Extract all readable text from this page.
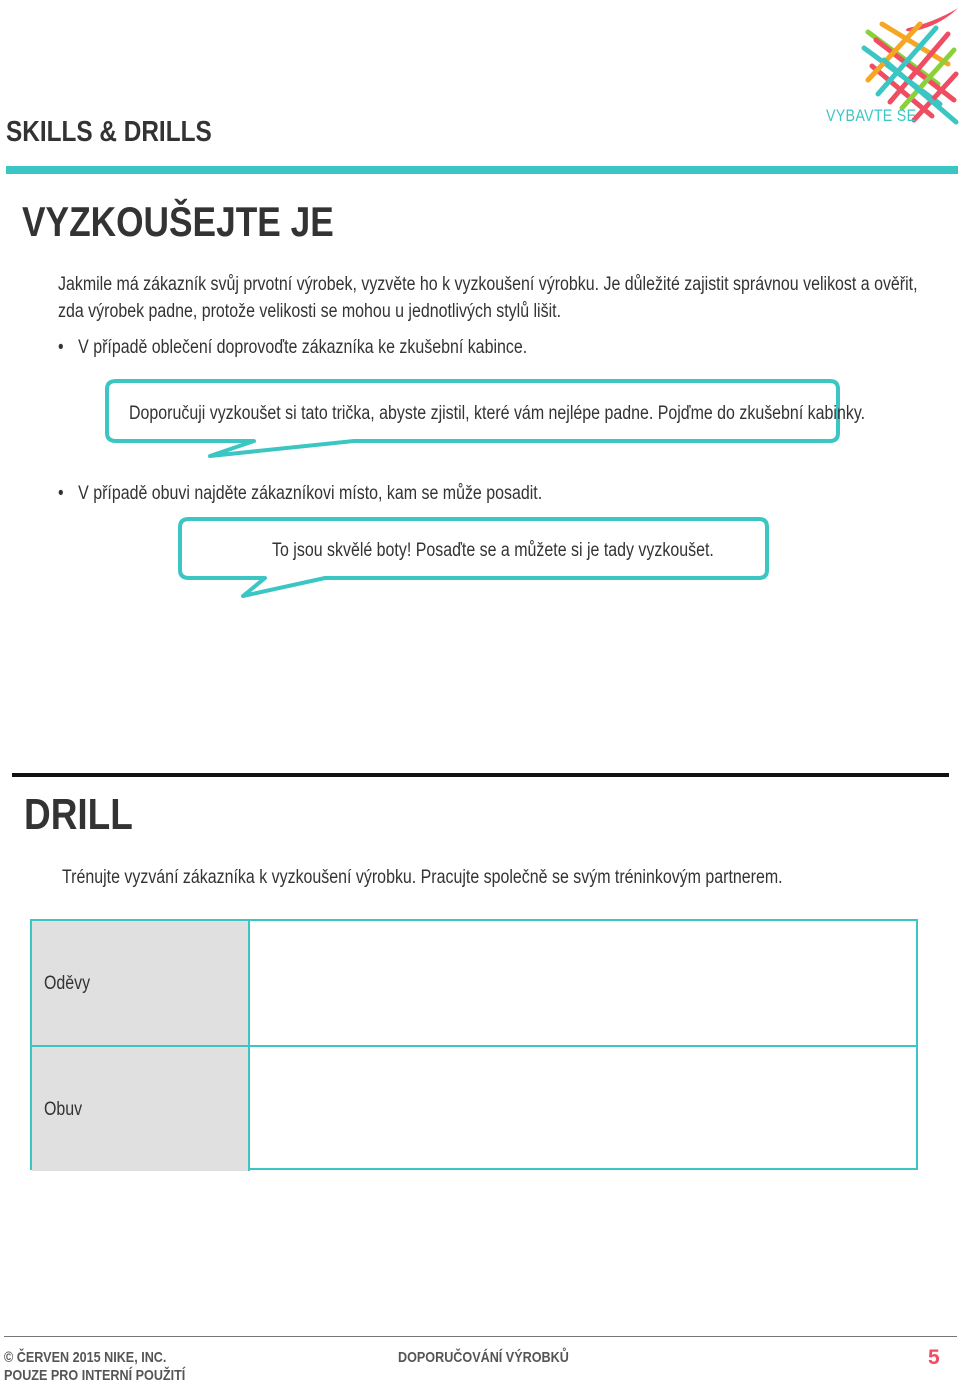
SKILLS & DRILLS
VYBAVTE SE
VYZKOUŠEJTE JE
Jakmile má zákazník svůj prvotní výrobek, vyzvěte ho k vyzkoušení výrobku. Je důležité zajistit správnou velikost a ověřit,
zda výrobek padne, protože velikosti se mohou u jednotlivých stylů lišit.
• V případě oblečení doprovoďte zákazníka ke zkušební kabince.
Doporučuji vyzkoušet si tato trička, abyste zjistil, které vám nejlépe padne. Pojďme do zkušební kabinky.
• V případě obuvi najděte zákazníkovi místo, kam se může posadit.
To jsou skvělé boty! Posaďte se a můžete si je tady vyzkoušet.
DRILL
Trénujte vyzvání zákazníka k vyzkoušení výrobku. Pracujte společně se svým tréninkovým partnerem.
Oděvy
Obuv
© ČERVEN 2015 NIKE, INC.
POUZE PRO INTERNÍ POUŽITÍ
DOPORUČOVÁNÍ VÝROBKŮ	5
